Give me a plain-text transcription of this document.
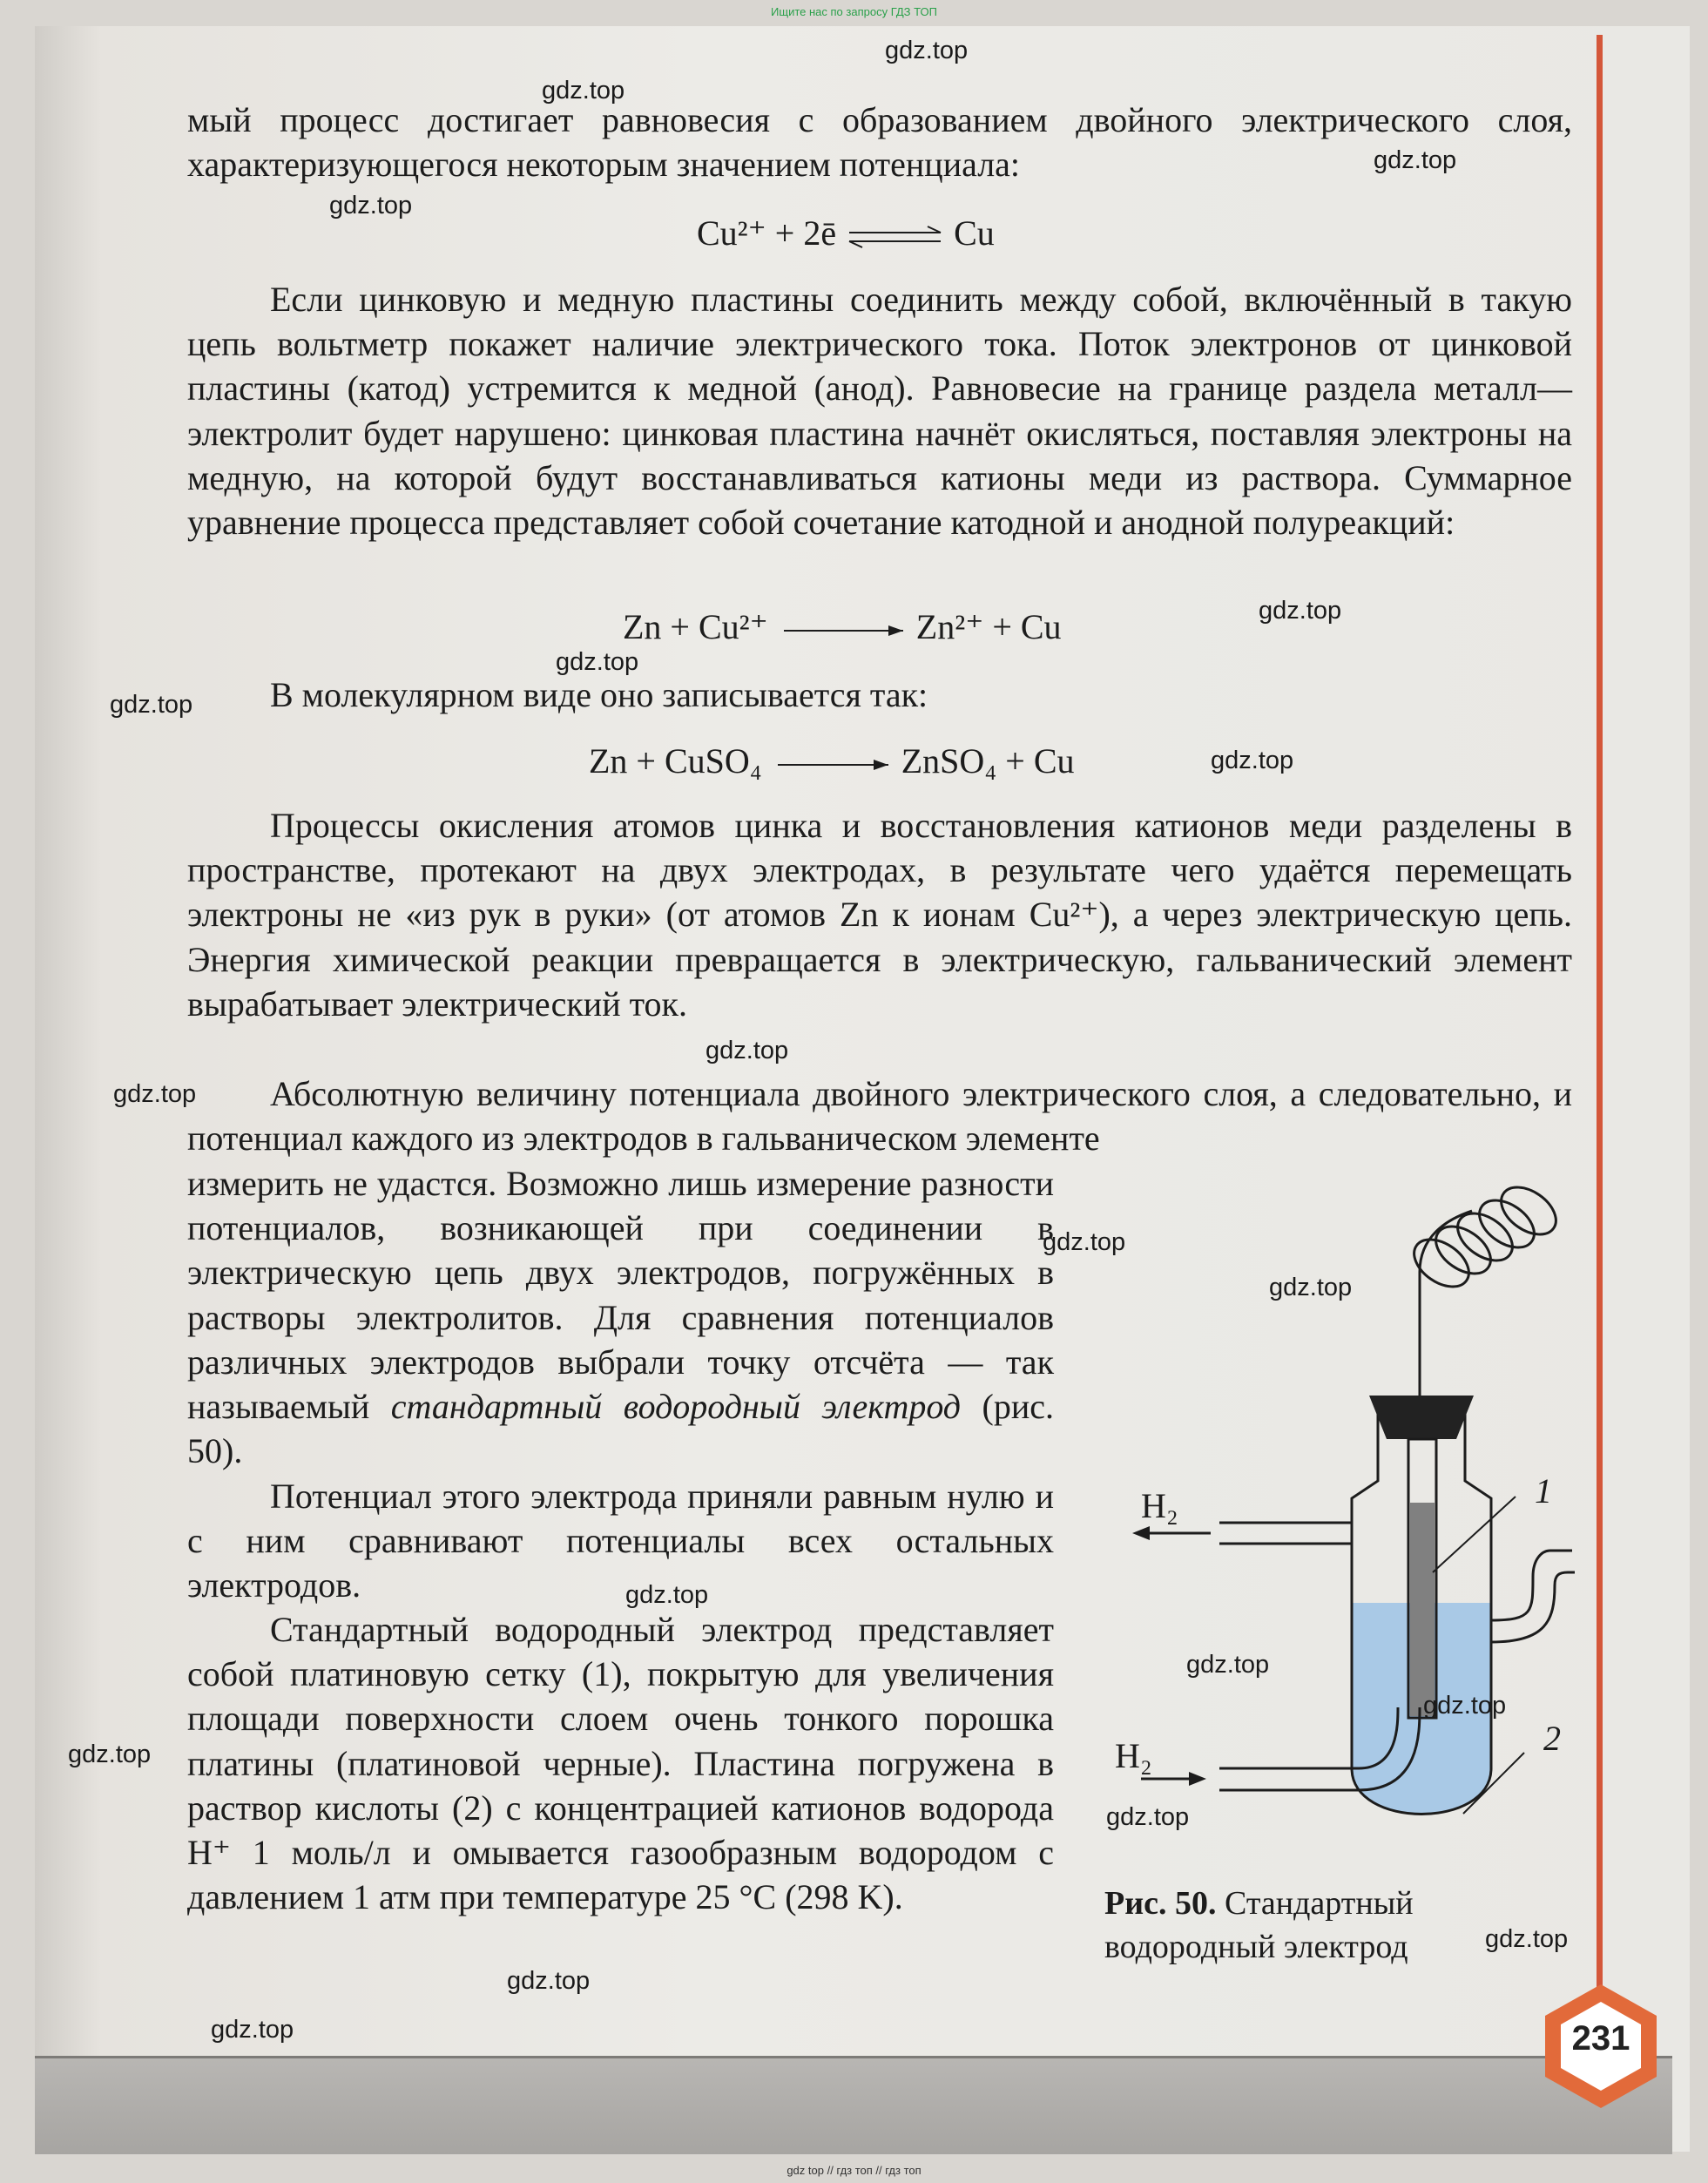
Ищите нас по запросу ГДЗ ТОП
gdz top // гдз топ // гдз топ

мый процесс достигает равновесия с образованием двойного электрического слоя, характеризующегося некоторым значением потенциала:

Cu²⁺ + 2ē ⇌ Cu

Если цинковую и медную пластины соединить между собой, включённый в такую цепь вольтметр покажет наличие электрического тока. Поток электронов от цинковой пластины (катод) устремится к медной (анод). Равновесие на границе раздела металл—электролит будет нарушено: цинковая пластина начнёт окисляться, поставляя электроны на медную, на которой будут восстанавливаться катионы меди из раствора. Суммарное уравнение процесса представляет собой сочетание катодной и анодной полуреакций:

Zn + Cu²⁺ → Zn²⁺ + Cu

В молекулярном виде оно записывается так:

Zn + CuSO₄ → ZnSO₄ + Cu

Процессы окисления атомов цинка и восстановления катионов меди разделены в пространстве, протекают на двух электродах, в результате чего удаётся перемещать электроны не «из рук в руки» (от атомов Zn к ионам Cu²⁺), а через электрическую цепь. Энергия химической реакции превращается в электрическую, гальванический элемент вырабатывает электрический ток.

Абсолютную величину потенциала двойного электрического слоя, а следовательно, и потенциал каждого из электродов в гальваническом элементе

измерить не удастся. Возможно лишь измерение разности потенциалов, возникающей при соединении в электрическую цепь двух электродов, погружённых в растворы электролитов. Для сравнения потенциалов различных электродов выбрали точку отсчёта — так называемый стандартный водородный электрод (рис. 50).

Потенциал этого электрода приняли равным нулю и с ним сравнивают потенциалы всех остальных электродов.

Стандартный водородный электрод представляет собой платиновую сетку (1), покрытую для увеличения площади поверхности слоем очень тонкого порошка платины (платиновой черные). Пластина погружена в раствор кислоты (2) с концентрацией катионов водорода H⁺ 1 моль/л и омывается газообразным водородом с давлением 1 атм при температуре 25 °C (298 K).

1
2
H₂
H₂

Рис. 50. Стандартный водородный электрод

231
gdz.top
gdz.top
gdz.top
gdz.top
gdz.top
gdz.top
gdz.top
gdz.top
gdz.top
gdz.top
gdz.top
gdz.top
gdz.top
gdz.top
gdz.top
gdz.top
gdz.top
gdz.top
gdz.top
gdz.top
